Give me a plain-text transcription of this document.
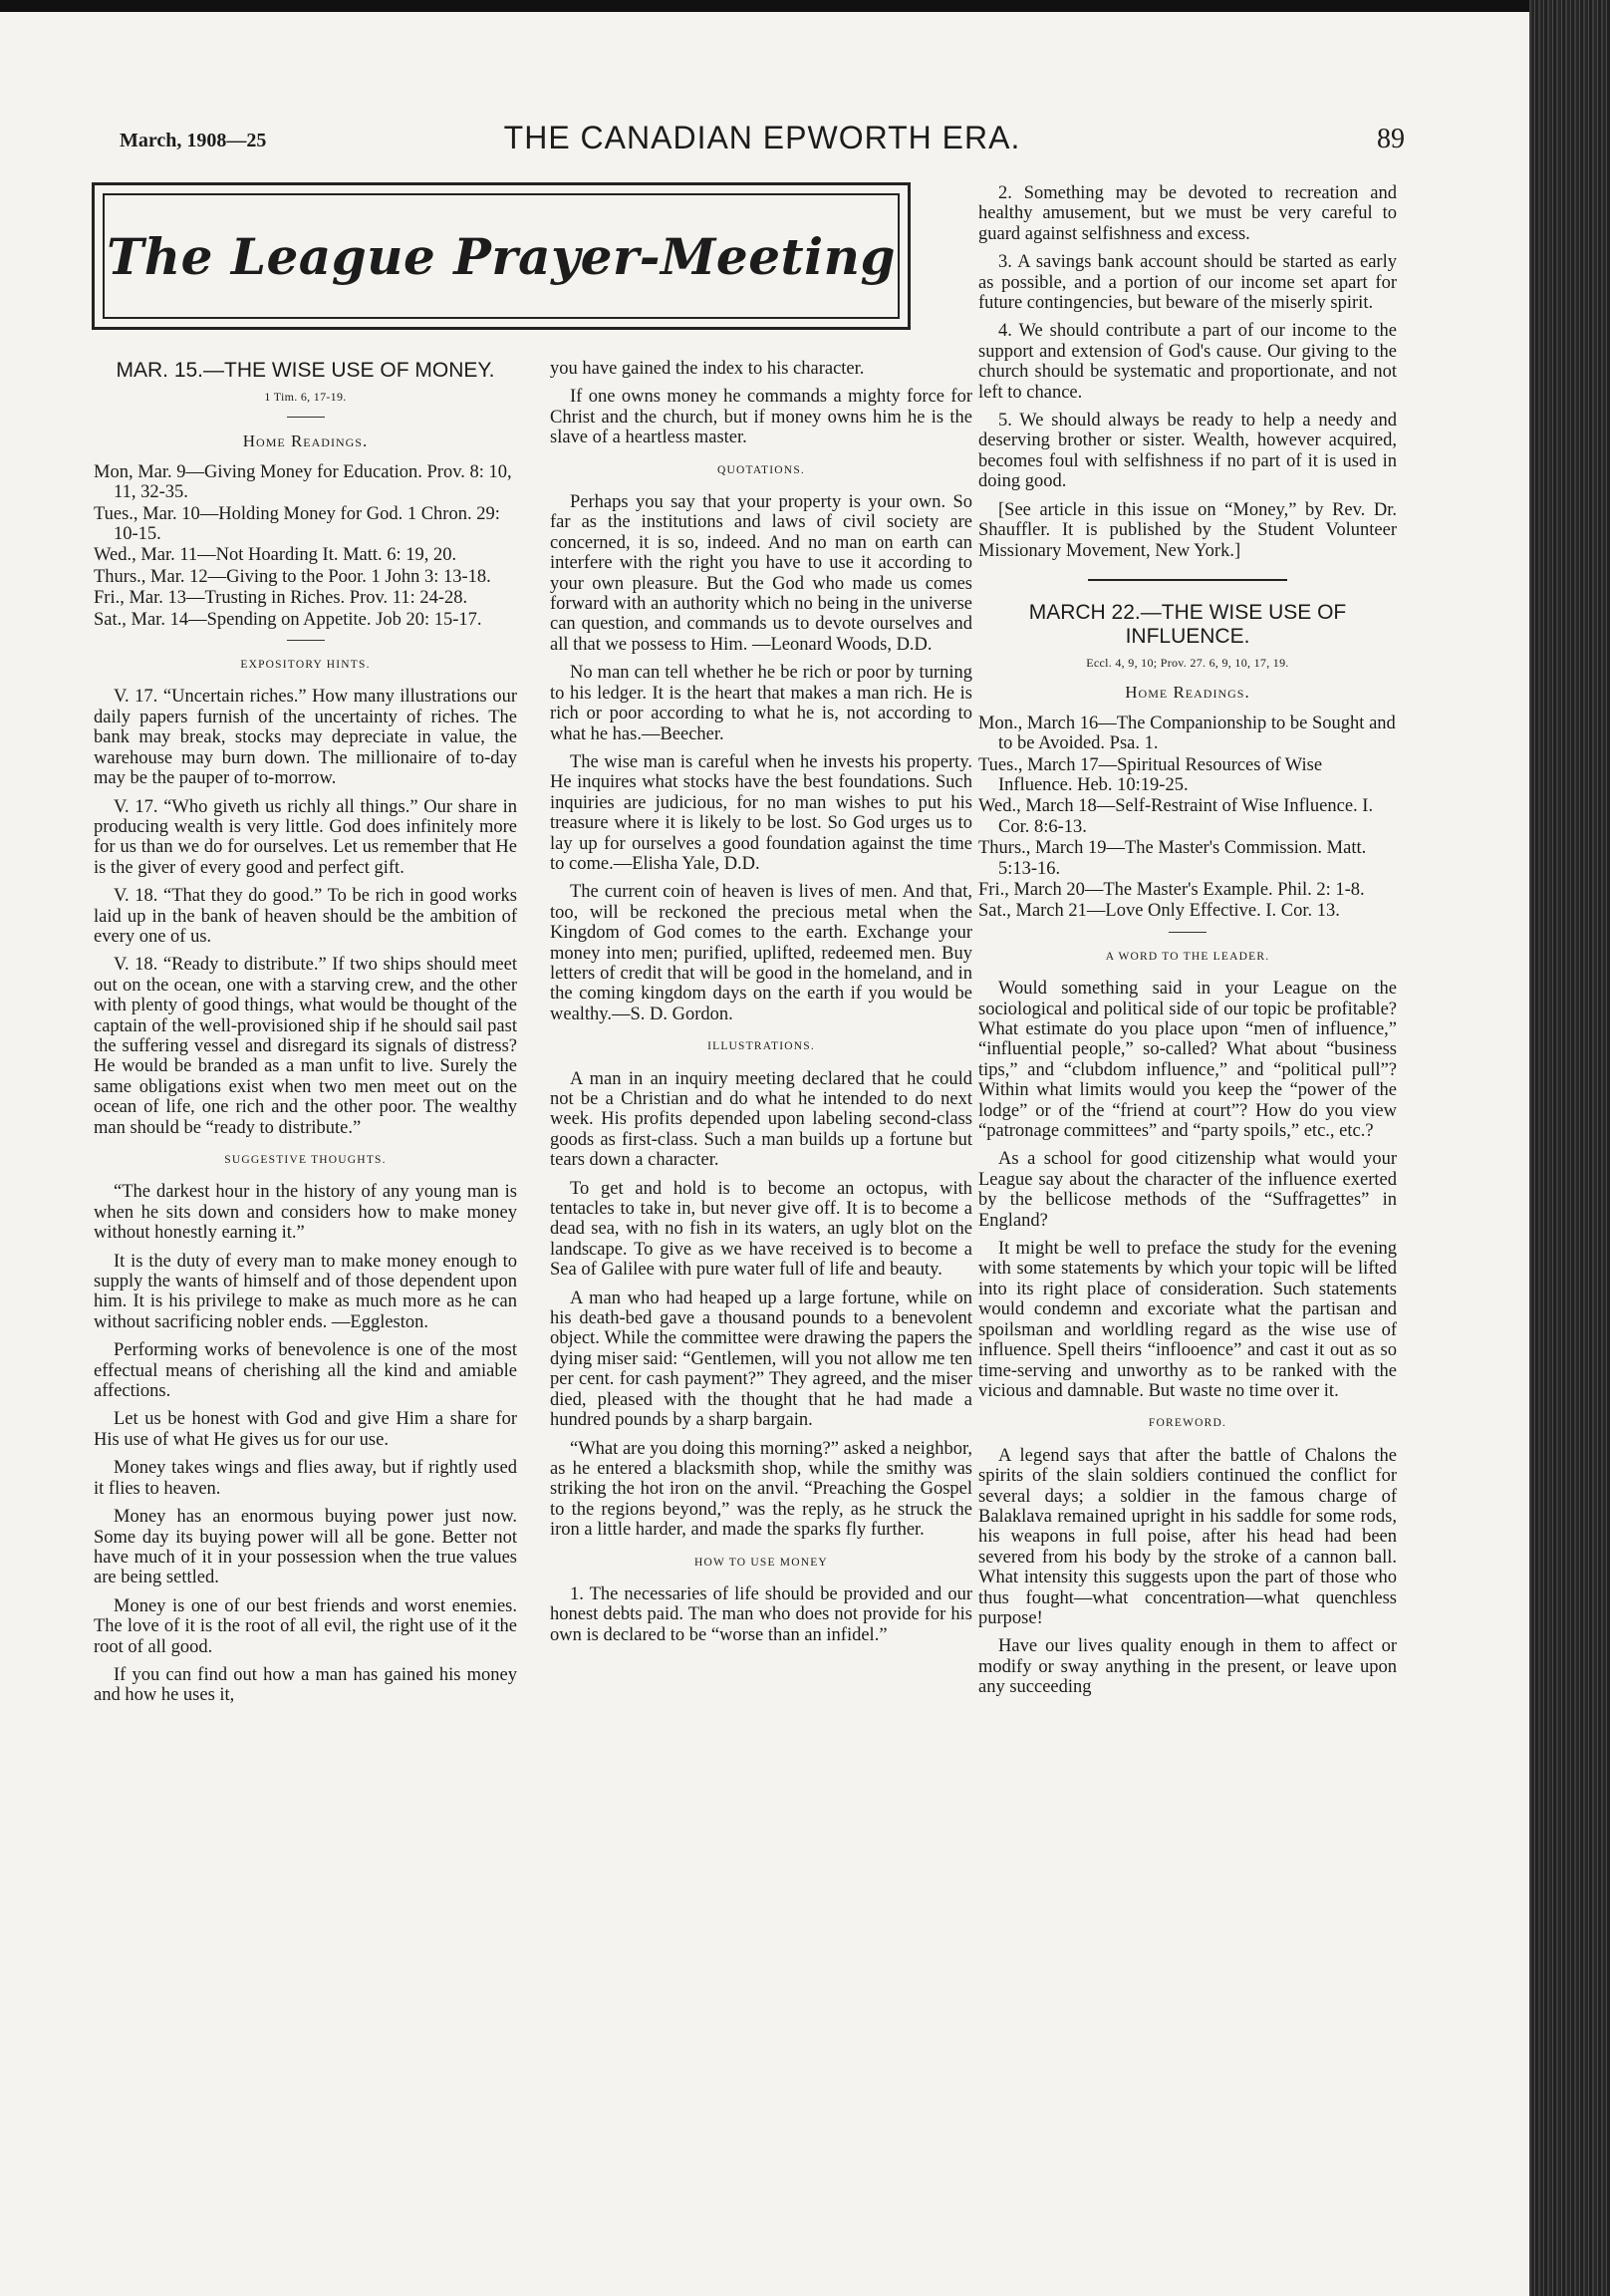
March, 1908—25	THE CANADIAN EPWORTH ERA.	89
The League Prayer-Meeting
MAR. 15.—THE WISE USE OF MONEY.
1 Tim. 6, 17-19.
Home Readings.

Mon, Mar. 9—Giving Money for Education. Prov. 8: 10, 11, 32-35.

Tues., Mar. 10—Holding Money for God. 1 Chron. 29: 10-15.

Wed., Mar. 11—Not Hoarding It. Matt. 6: 19, 20.

Thurs., Mar. 12—Giving to the Poor. 1 John 3: 13-18.

Fri., Mar. 13—Trusting in Riches. Prov. 11: 24-28.

Sat., Mar. 14—Spending on Appetite. Job 20: 15-17.

EXPOSITORY HINTS.

V. 17. “Uncertain riches.” How many illustrations our daily papers furnish of the uncertainty of riches. The bank may break, stocks may depreciate in value, the warehouse may burn down. The millionaire of to-day may be the pauper of to-morrow.

V. 17. “Who giveth us richly all things.” Our share in producing wealth is very little. God does infinitely more for us than we do for ourselves. Let us remember that He is the giver of every good and perfect gift.

V. 18. “That they do good.” To be rich in good works laid up in the bank of heaven should be the ambition of every one of us.

V. 18. “Ready to distribute.” If two ships should meet out on the ocean, one with a starving crew, and the other with plenty of good things, what would be thought of the captain of the well-provisioned ship if he should sail past the suffering vessel and disregard its signals of distress? He would be branded as a man unfit to live. Surely the same obligations exist when two men meet out on the ocean of life, one rich and the other poor. The wealthy man should be “ready to distribute.”

SUGGESTIVE THOUGHTS.

“The darkest hour in the history of any young man is when he sits down and considers how to make money without honestly earning it.”

It is the duty of every man to make money enough to supply the wants of himself and of those dependent upon him. It is his privilege to make as much more as he can without sacrificing nobler ends. —Eggleston.

Performing works of benevolence is one of the most effectual means of cherishing all the kind and amiable affections.

Let us be honest with God and give Him a share for His use of what He gives us for our use.

Money takes wings and flies away, but if rightly used it flies to heaven.

Money has an enormous buying power just now. Some day its buying power will all be gone. Better not have much of it in your possession when the true values are being settled.

Money is one of our best friends and worst enemies. The love of it is the root of all evil, the right use of it the root of all good.

If you can find out how a man has gained his money and how he uses it,

you have gained the index to his character.

If one owns money he commands a mighty force for Christ and the church, but if money owns him he is the slave of a heartless master.

QUOTATIONS.

Perhaps you say that your property is your own. So far as the institutions and laws of civil society are concerned, it is so, indeed. And no man on earth can interfere with the right you have to use it according to your own pleasure. But the God who made us comes forward with an authority which no being in the universe can question, and commands us to devote ourselves and all that we possess to Him. —Leonard Woods, D.D.

No man can tell whether he be rich or poor by turning to his ledger. It is the heart that makes a man rich. He is rich or poor according to what he is, not according to what he has.—Beecher.

The wise man is careful when he invests his property. He inquires what stocks have the best foundations. Such inquiries are judicious, for no man wishes to put his treasure where it is likely to be lost. So God urges us to lay up for ourselves a good foundation against the time to come.—Elisha Yale, D.D.

The current coin of heaven is lives of men. And that, too, will be reckoned the precious metal when the Kingdom of God comes to the earth. Exchange your money into men; purified, uplifted, redeemed men. Buy letters of credit that will be good in the homeland, and in the coming kingdom days on the earth if you would be wealthy.—S. D. Gordon.

ILLUSTRATIONS.

A man in an inquiry meeting declared that he could not be a Christian and do what he intended to do next week. His profits depended upon labeling second-class goods as first-class. Such a man builds up a fortune but tears down a character.

To get and hold is to become an octopus, with tentacles to take in, but never give off. It is to become a dead sea, with no fish in its waters, an ugly blot on the landscape. To give as we have received is to become a Sea of Galilee with pure water full of life and beauty.

A man who had heaped up a large fortune, while on his death-bed gave a thousand pounds to a benevolent object. While the committee were drawing the papers the dying miser said: “Gentlemen, will you not allow me ten per cent. for cash payment?” They agreed, and the miser died, pleased with the thought that he had made a hundred pounds by a sharp bargain.

“What are you doing this morning?” asked a neighbor, as he entered a blacksmith shop, while the smithy was striking the hot iron on the anvil. “Preaching the Gospel to the regions beyond,” was the reply, as he struck the iron a little harder, and made the sparks fly further.

HOW TO USE MONEY

1. The necessaries of life should be provided and our honest debts paid. The man who does not provide for his own is declared to be “worse than an infidel.”

2. Something may be devoted to recreation and healthy amusement, but we must be very careful to guard against selfishness and excess.

3. A savings bank account should be started as early as possible, and a portion of our income set apart for future contingencies, but beware of the miserly spirit.

4. We should contribute a part of our income to the support and extension of God's cause. Our giving to the church should be systematic and proportionate, and not left to chance.

5. We should always be ready to help a needy and deserving brother or sister. Wealth, however acquired, becomes foul with selfishness if no part of it is used in doing good.

[See article in this issue on “Money,” by Rev. Dr. Shauffler. It is published by the Student Volunteer Missionary Movement, New York.]

MARCH 22.—THE WISE USE OF INFLUENCE.
Eccl. 4, 9, 10; Prov. 27. 6, 9, 10, 17, 19.
Home Readings.

Mon., March 16—The Companionship to be Sought and to be Avoided. Psa. 1.

Tues., March 17—Spiritual Resources of Wise Influence. Heb. 10:19-25.

Wed., March 18—Self-Restraint of Wise Influence. I. Cor. 8:6-13.

Thurs., March 19—The Master's Commission. Matt. 5:13-16.

Fri., March 20—The Master's Example. Phil. 2: 1-8.

Sat., March 21—Love Only Effective. I. Cor. 13.

A WORD TO THE LEADER.

Would something said in your League on the sociological and political side of our topic be profitable? What estimate do you place upon “men of influence,” “influential people,” so-called? What about “business tips,” and “clubdom influence,” and “political pull”? Within what limits would you keep the “power of the lodge” or of the “friend at court”? How do you view “patronage committees” and “party spoils,” etc., etc.?

As a school for good citizenship what would your League say about the character of the influence exerted by the bellicose methods of the “Suffragettes” in England?

It might be well to preface the study for the evening with some statements by which your topic will be lifted into its right place of consideration. Such statements would condemn and excoriate what the partisan and spoilsman and worldling regard as the wise use of influence. Spell theirs “inflooence” and cast it out as so time-serving and unworthy as to be ranked with the vicious and damnable. But waste no time over it.

FOREWORD.

A legend says that after the battle of Chalons the spirits of the slain soldiers continued the conflict for several days; a soldier in the famous charge of Balaklava remained upright in his saddle for some rods, his weapons in full poise, after his head had been severed from his body by the stroke of a cannon ball. What intensity this suggests upon the part of those who thus fought—what concentration—what quenchless purpose!

Have our lives quality enough in them to affect or modify or sway anything in the present, or leave upon any succeeding
